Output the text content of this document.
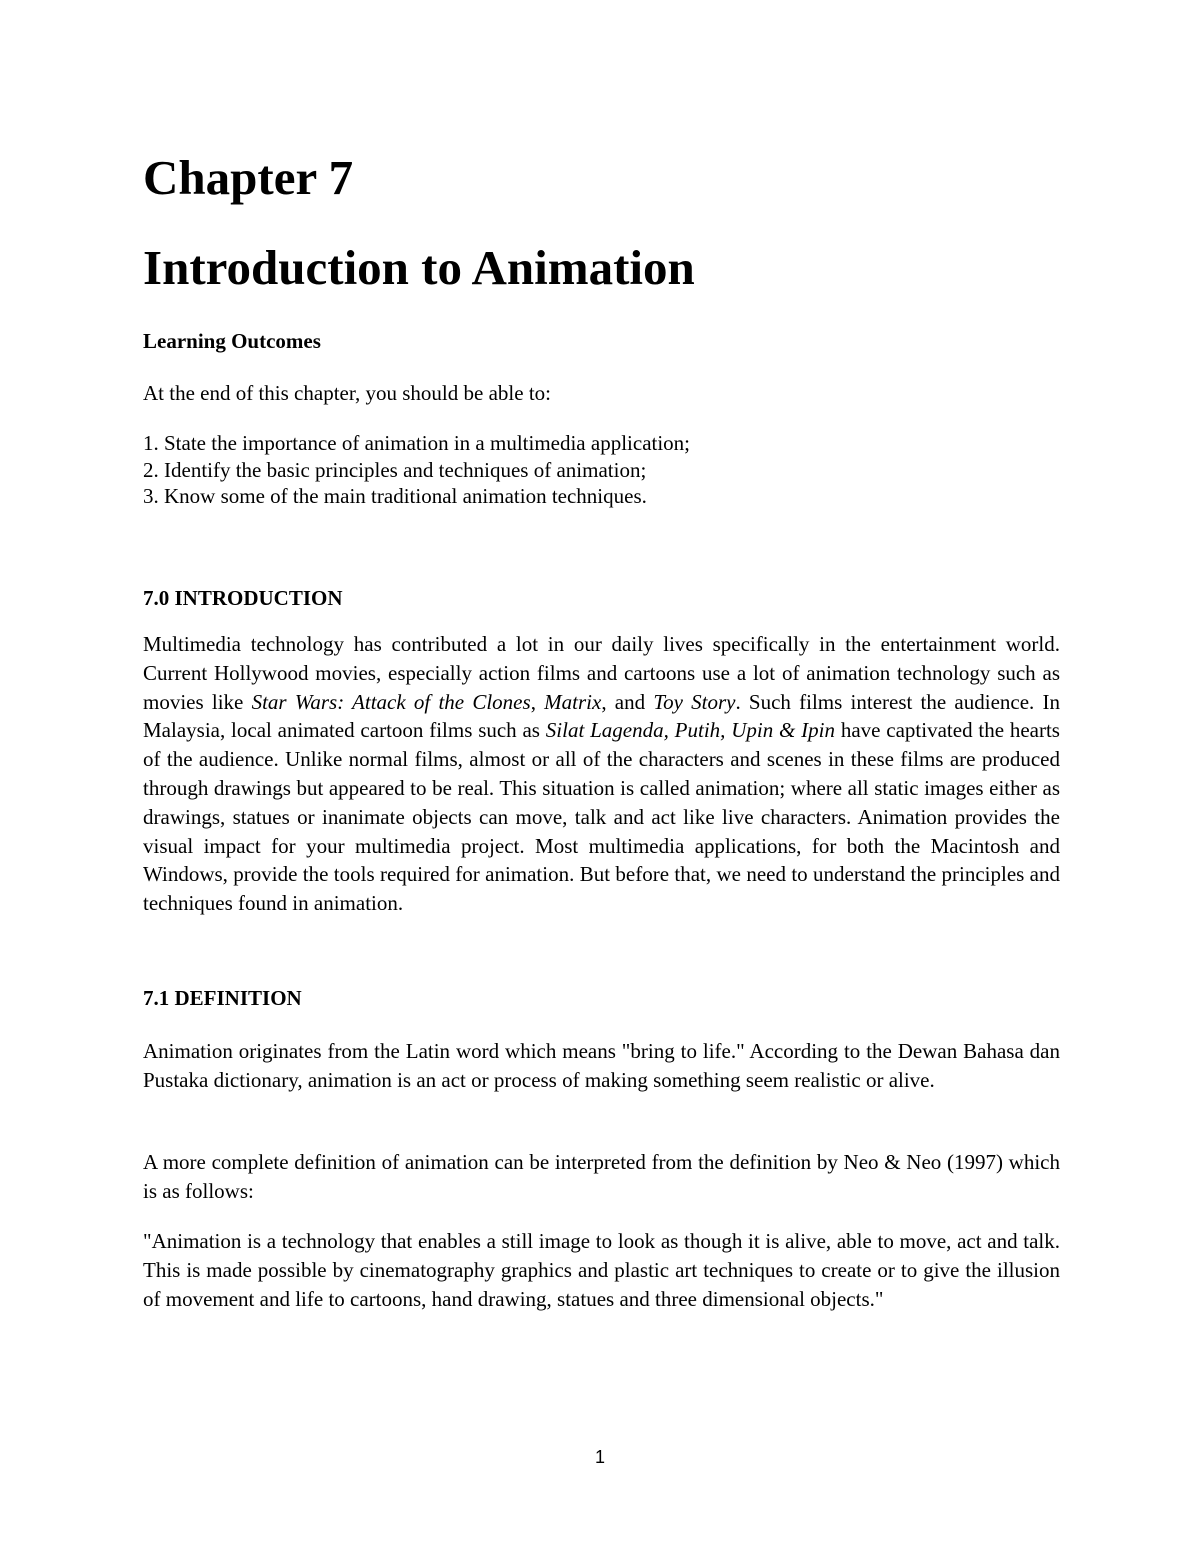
Chapter 7
Introduction to Animation
Learning Outcomes

At the end of this chapter, you should be able to:

1. State the importance of animation in a multimedia application;
2. Identify the basic principles and techniques of animation;
3. Know some of the main traditional animation techniques.
7.0 INTRODUCTION

Multimedia technology has contributed a lot in our daily lives specifically in the entertainment world. Current Hollywood movies, especially action films and cartoons use a lot of animation technology such as movies like Star Wars: Attack of the Clones, Matrix, and Toy Story. Such films interest the audience. In Malaysia, local animated cartoon films such as Silat Lagenda, Putih, Upin & Ipin have captivated the hearts of the audience. Unlike normal films, almost or all of the characters and scenes in these films are produced through drawings but appeared to be real. This situation is called animation; where all static images either as drawings, statues or inanimate objects can move, talk and act like live characters. Animation provides the visual impact for your multimedia project. Most multimedia applications, for both the Macintosh and Windows, provide the tools required for animation. But before that, we need to understand the principles and techniques found in animation.

7.1 DEFINITION

Animation originates from the Latin word which means "bring to life." According to the Dewan Bahasa dan Pustaka dictionary, animation is an act or process of making something seem realistic or alive.

A more complete definition of animation can be interpreted from the definition by Neo & Neo (1997) which is as follows:

"Animation is a technology that enables a still image to look as though it is alive, able to move, act and talk. This is made possible by cinematography graphics and plastic art techniques to create or to give the illusion of movement and life to cartoons, hand drawing, statues and three dimensional objects."

1
